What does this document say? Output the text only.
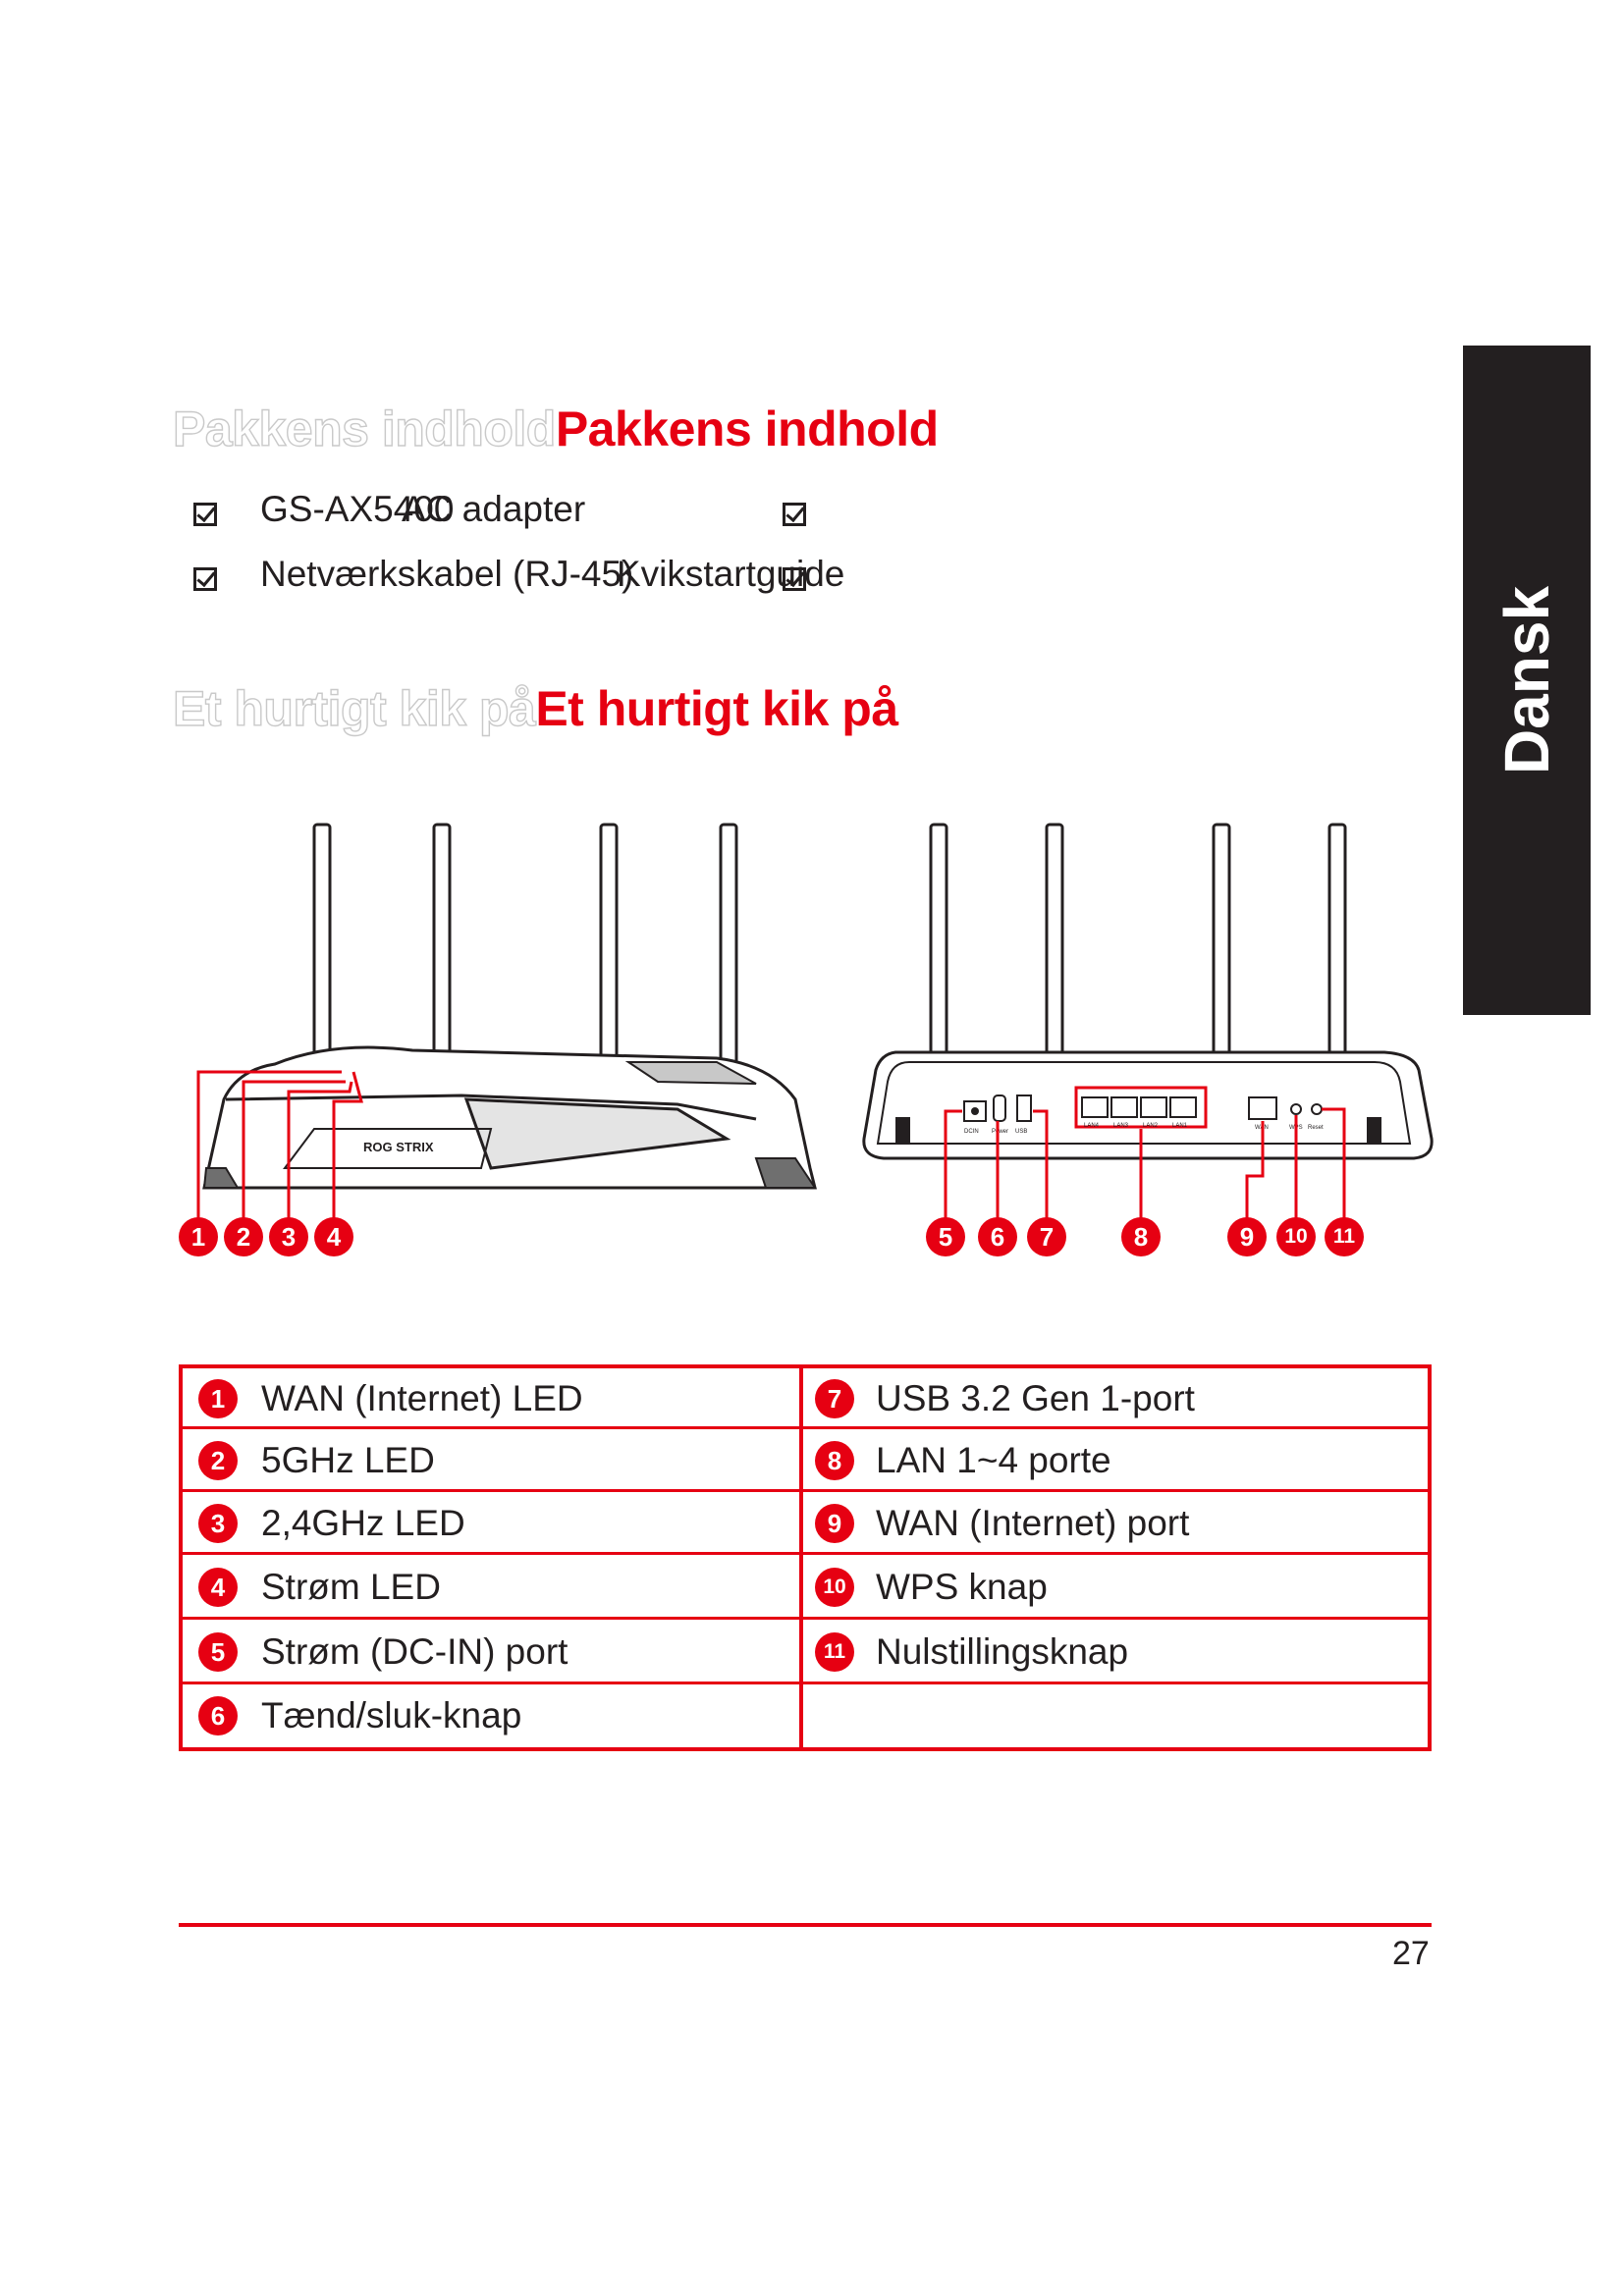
Dansk
Pakkens indholdPakkens indhold
GS-AX5400
AC adapter
Netværkskabel (RJ-45)
Kvikstartguide
Et hurtigt kik påEt hurtigt kik på
ROG STRIX
1	2	3	4
DCIN Power USB
LAN4 LAN3 LAN2 LAN1	WAN	WPS Reset
5	6	7	8	9	10	11
1 WAN (Internet) LED	7 USB 3.2 Gen 1-port
2 5GHz LED	8 LAN 1~4 porte
3 2,4GHz LED	9 WAN (Internet) port
4 Strøm LED	10 WPS knap
5 Strøm (DC-IN) port	11 Nulstillingsknap
6 Tænd/sluk-knap
27
